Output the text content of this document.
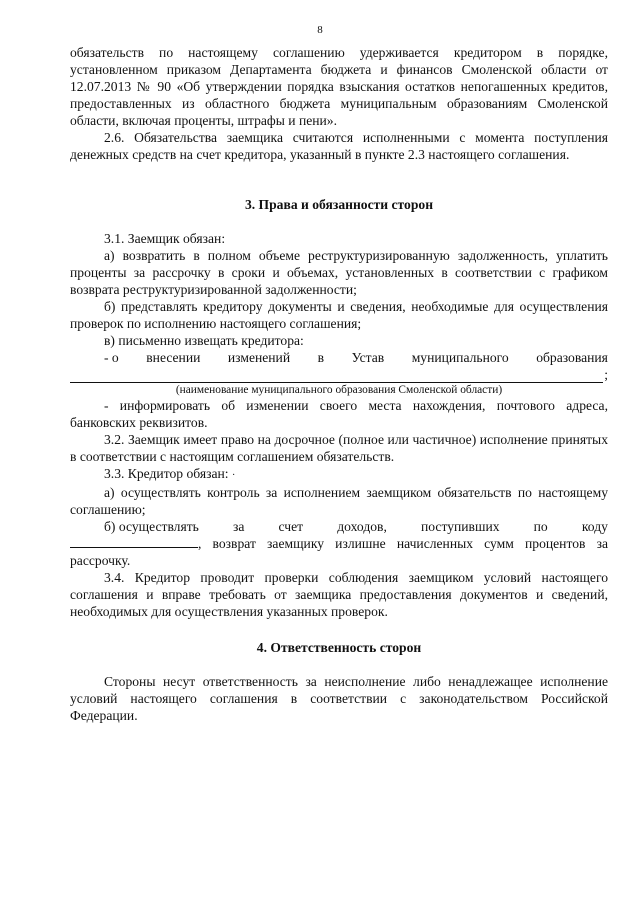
8

обязательств по настоящему соглашению удерживается кредитором в порядке, установленном приказом Департамента бюджета и финансов Смоленской области от 12.07.2013 № 90 «Об утверждении порядка взыскания остатков непогашенных кредитов, предоставленных из областного бюджета муниципальным образованиям Смоленской области, включая проценты, штрафы и пени».

2.6. Обязательства заемщика считаются исполненными с момента поступления денежных средств на счет кредитора, указанный в пункте 2.3 настоящего соглашения.

3. Права и обязанности сторон

3.1. Заемщик обязан:

а) возвратить в полном объеме реструктуризированную задолженность, уплатить проценты за рассрочку в сроки и объемах, установленных в соответствии с графиком возврата реструктуризированной задолженности;

б) представлять кредитору документы и сведения, необходимые для осуществления проверок по исполнению настоящего соглашения;

в) письменно извещать кредитора:

- о внесении изменений в Устав муниципального образования
;
(наименование муниципального образования Смоленской области)

- информировать об изменении своего места нахождения, почтового адреса, банковских реквизитов.

3.2. Заемщик имеет право на досрочное (полное или частичное) исполнение принятых в соответствии с настоящим соглашением обязательств.

3.3. Кредитор обязан: ·

а) осуществлять контроль за исполнением заемщиком обязательств по настоящему соглашению;

б) осуществлять	за	счет	доходов,	поступивших	по	коду

, возврат заемщику излишне начисленных сумм процентов за рассрочку.

3.4. Кредитор проводит проверки соблюдения заемщиком условий настоящего соглашения и вправе требовать от заемщика предоставления документов и сведений, необходимых для осуществления указанных проверок.

4. Ответственность сторон

Стороны несут ответственность за неисполнение либо ненадлежащее исполнение условий настоящего соглашения в соответствии с законодательством Российской Федерации.
